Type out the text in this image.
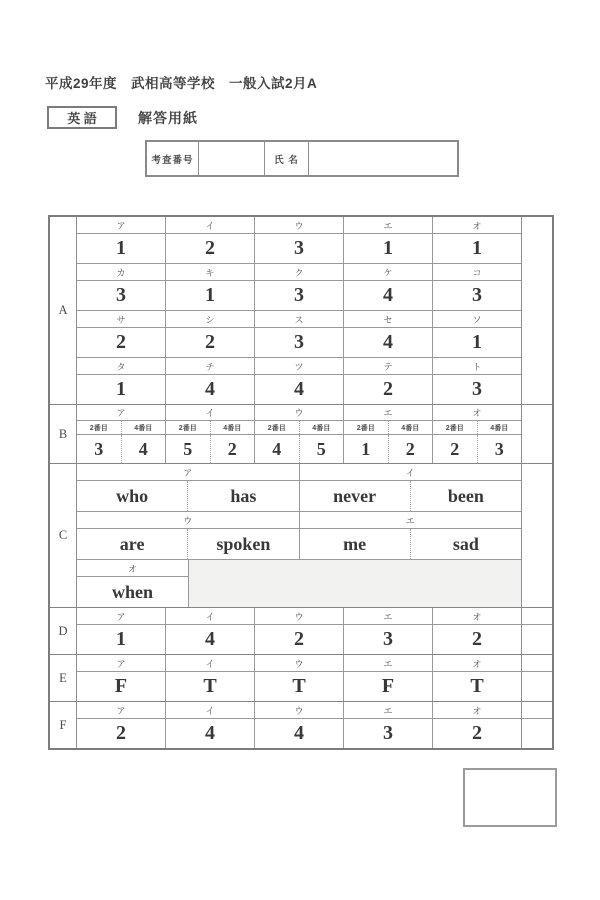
平成29年度　武相高等学校　一般入試2月A
英 語	解答用紙
考査番号	氏 名
A
ア	イ	ウ	エ	オ
1	2	3	1	1
カ	キ	ク	ケ	コ
3	1	3	4	3
サ	シ	ス	セ	ソ
2	2	3	4	1
タ	チ	ツ	テ	ト
1	4	4	2	3
B
ア	イ	ウ	エ	オ
2番目	4番目	2番目	4番目	2番目	4番目	2番目	4番目	2番目	4番目
3	4	5	2	4	5	1	2	2	3
C
ア	イ
who	has	never	been
ウ	エ
are	spoken	me	sad
オ
when
D
ア	イ	ウ	エ	オ
1	4	2	3	2
E
ア	イ	ウ	エ	オ
F	T	T	F	T
F
ア	イ	ウ	エ	オ
2	4	4	3	2
